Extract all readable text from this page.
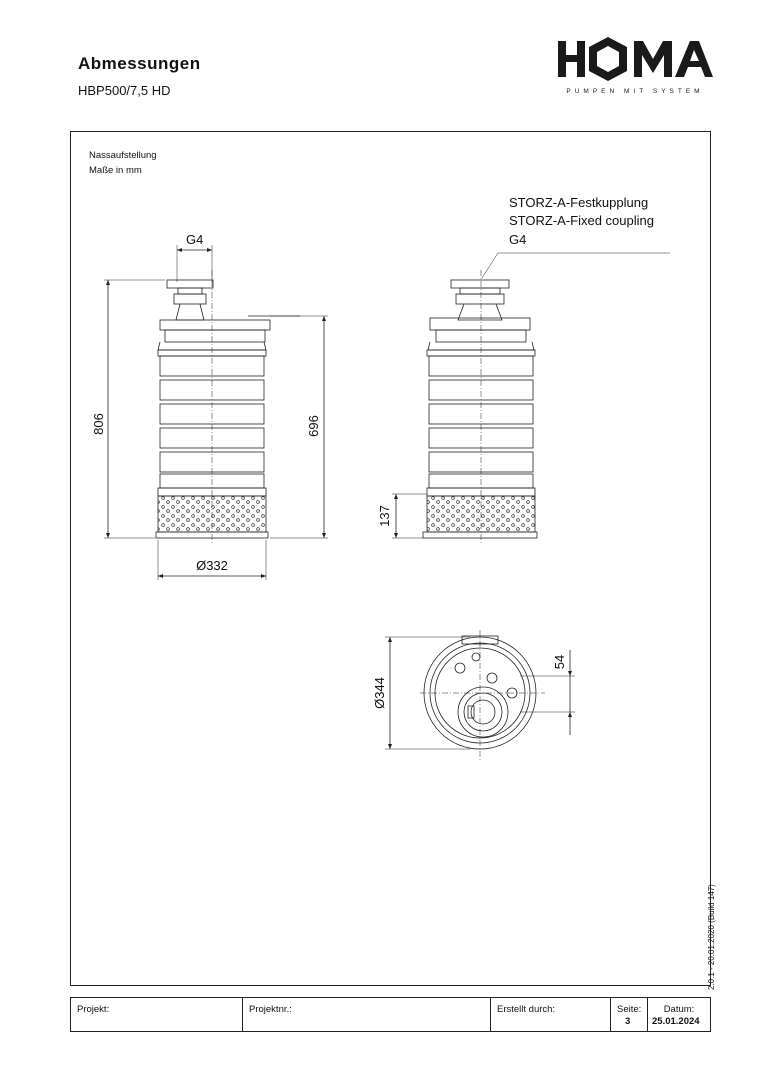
Abmessungen
HBP500/7,5 HD	PUMPEN MIT SYSTEM
Nassaufstellung
Maße in mm
G4
806	696
Ø332
137
Ø344
54
STORZ-A-Festkupplung
STORZ-A-Fixed coupling
G4
2.0.1 - 20.01.2020 (Build 147)
Projekt:	Projektnr.:	Erstellt durch:	Seite:
3
Datum:
25.01.2024
